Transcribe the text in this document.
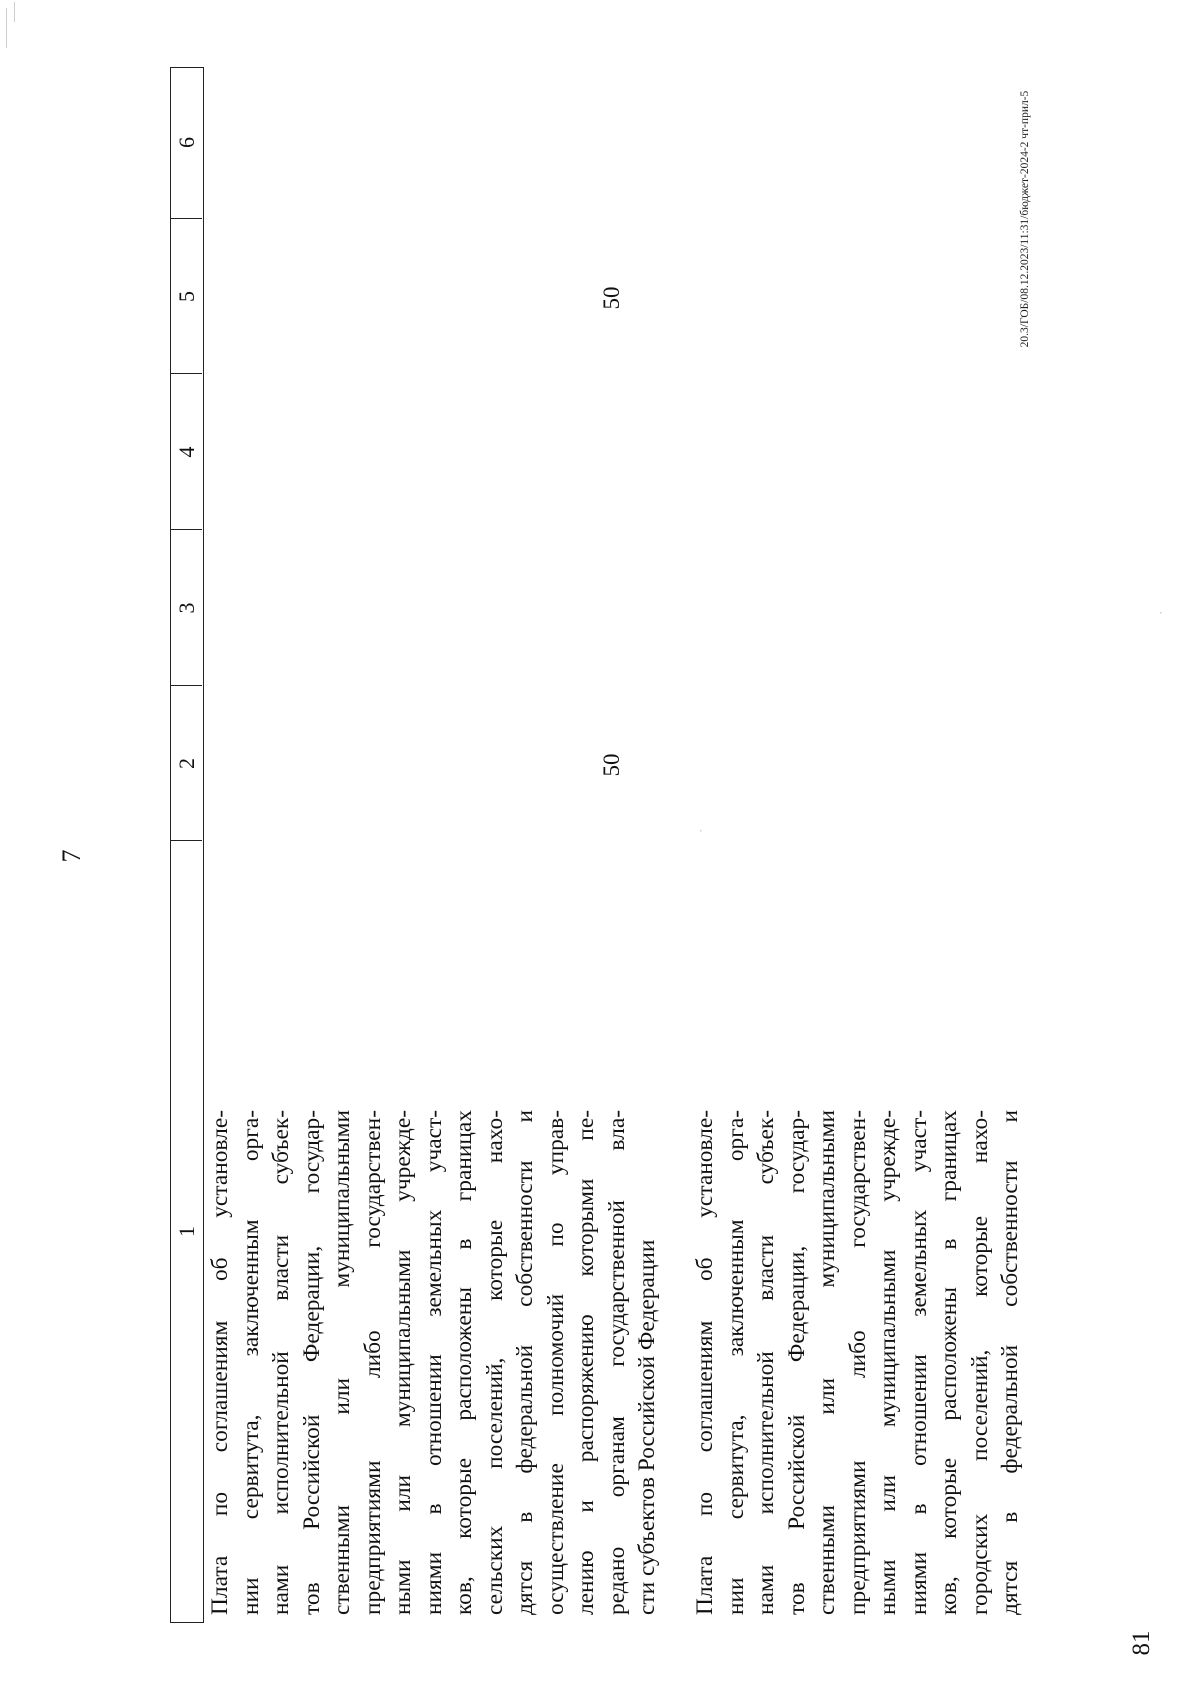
7
81
20.3/ГОБ/08.12.2023/11:31/бюджет-2024-2 чт-прил-5
1
2
3
4
5
6
Плата по соглашениям об установле- нии сервитута, заключенным орга- нами исполнительной власти субъек- тов Российской Федерации, государ- ственными или муниципальными предприятиями либо государствен- ными или муниципальными учрежде- ниями в отношении земельных участ- ков, которые расположены в границах сельских поселений, которые нахо- дятся в федеральной собственности и осуществление полномочий по управ- лению и распоряжению которыми пе- редано органам государственной вла- сти субъектов Российской Федерации
50
50
Плата по соглашениям об установле- нии сервитута, заключенным орга- нами исполнительной власти субъек- тов Российской Федерации, государ- ственными или муниципальными предприятиями либо государствен- ными или муниципальными учрежде- ниями в отношении земельных участ- ков, которые расположены в границах городских поселений, которые нахо- дятся в федеральной собственности и
